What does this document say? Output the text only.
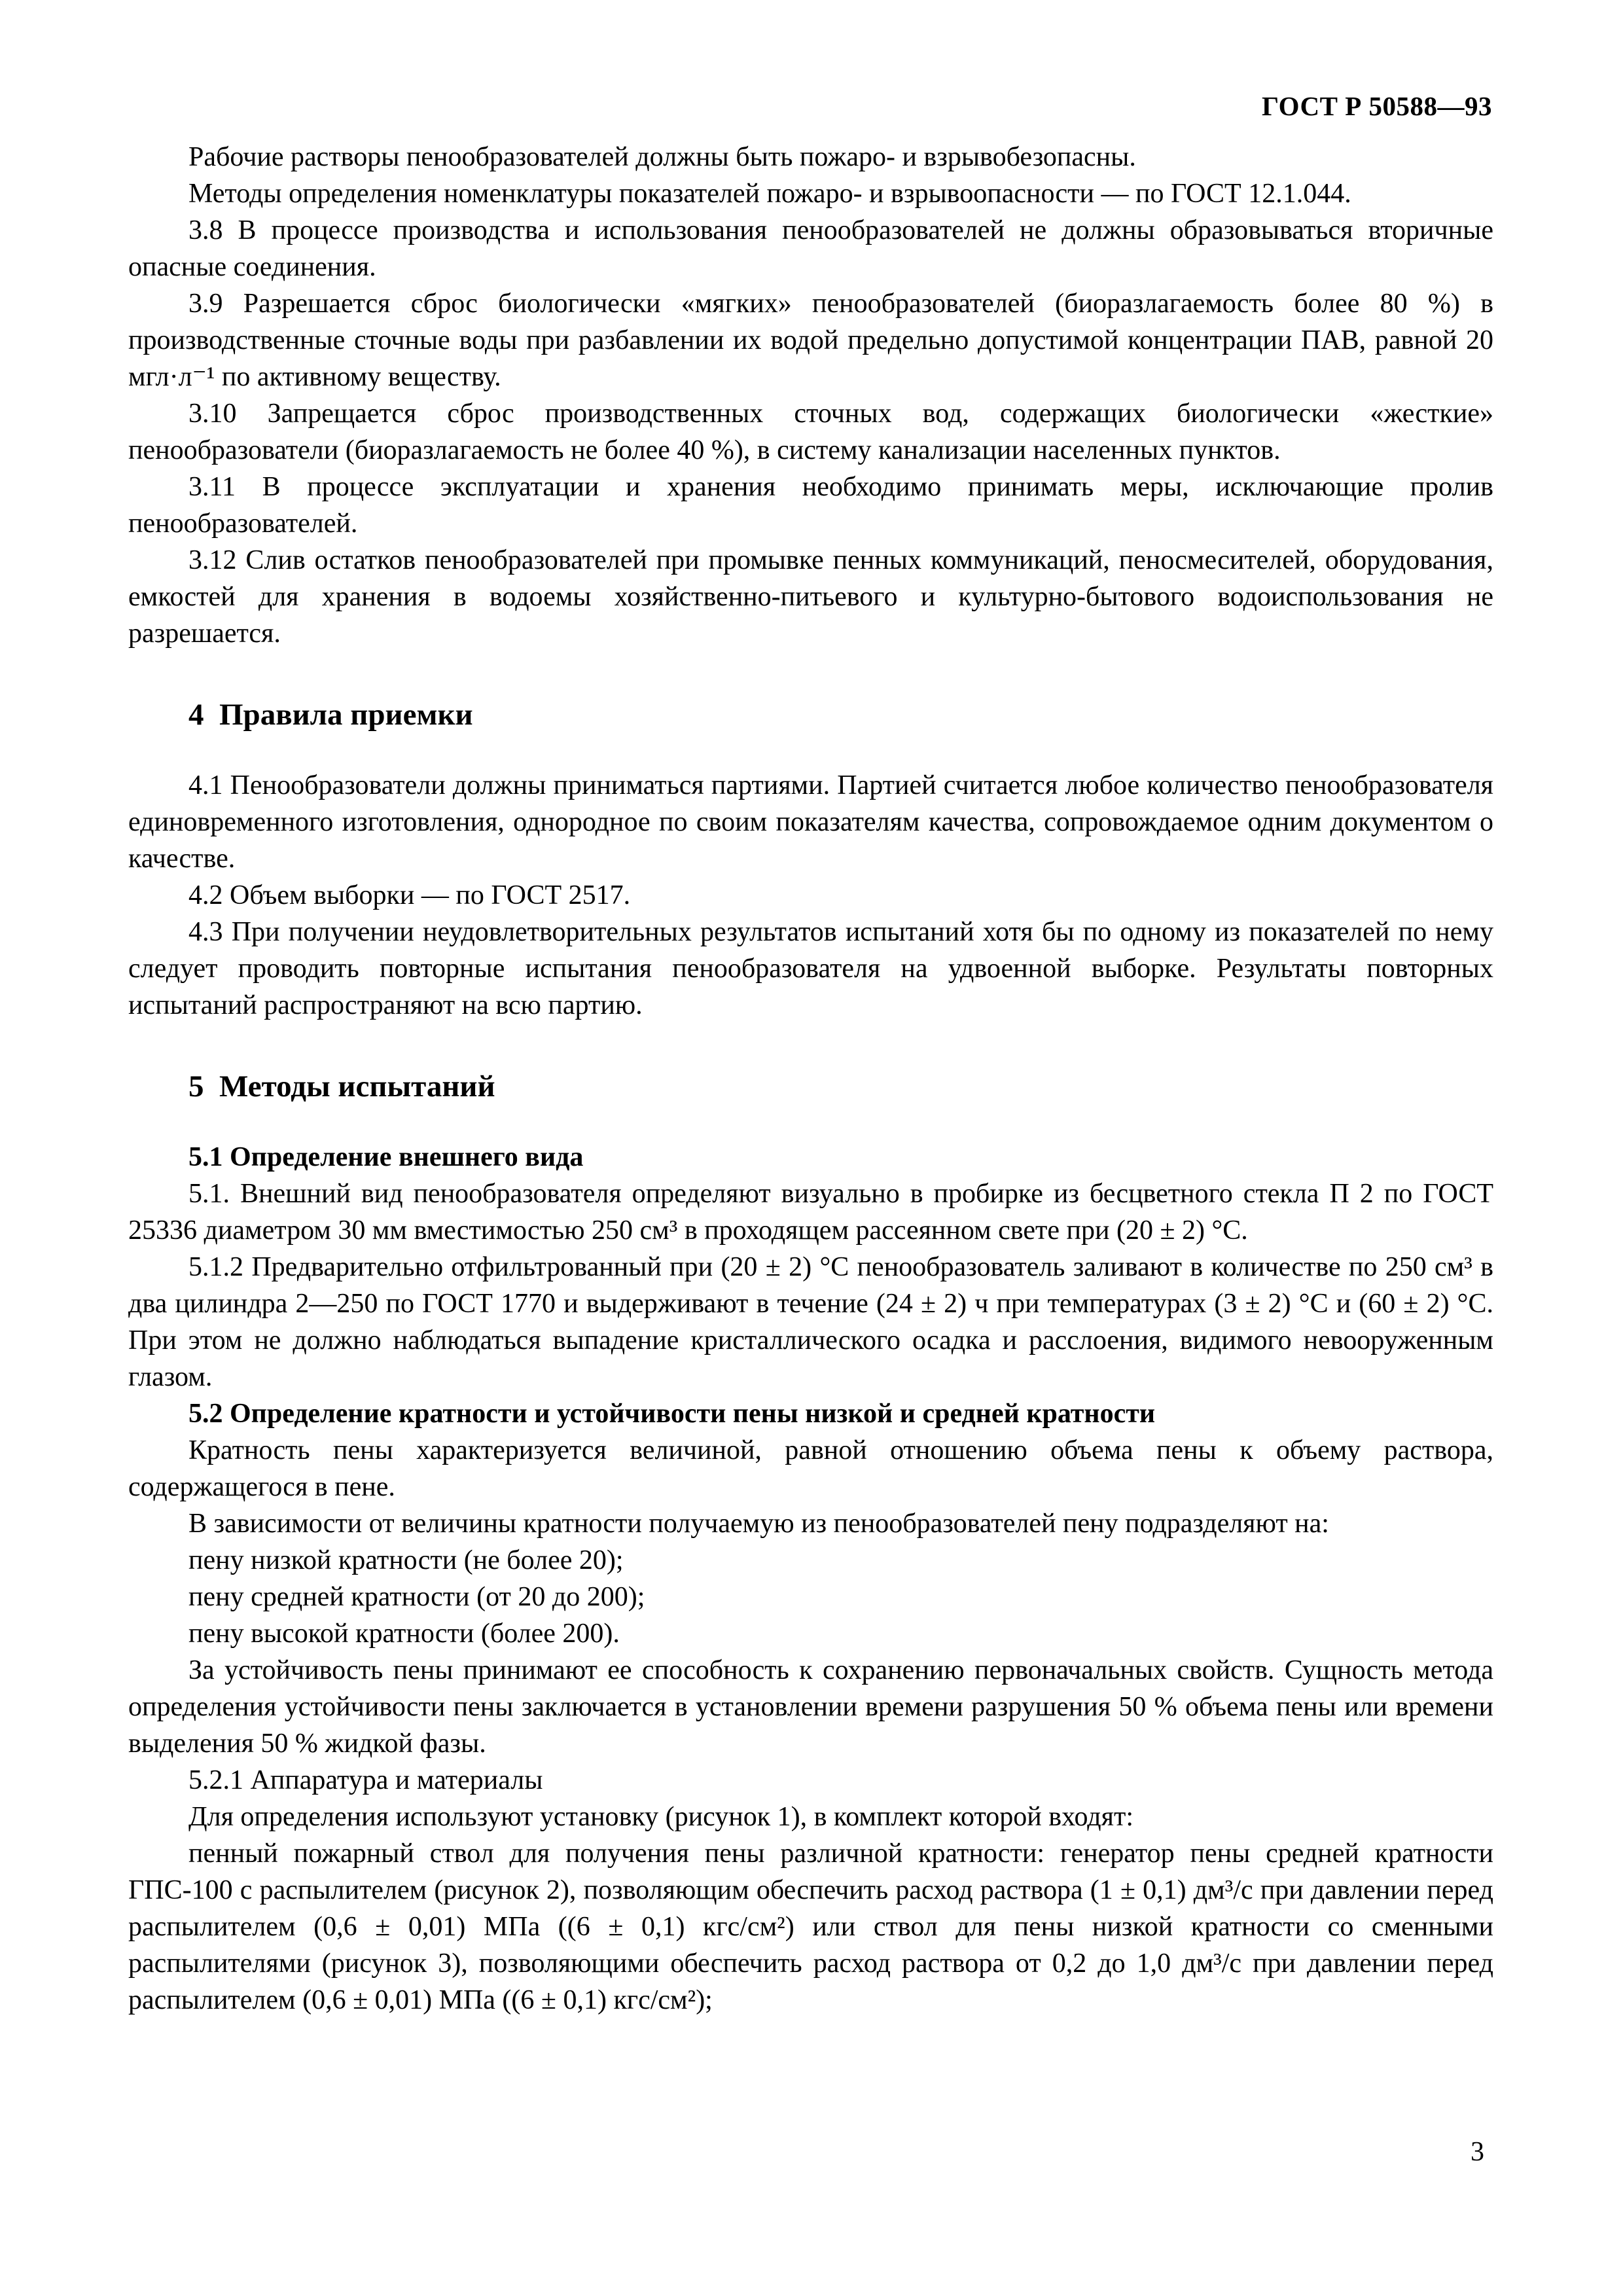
ГОСТ Р 50588—93

Рабочие растворы пенообразователей должны быть пожаро- и взрывобезопасны.

Методы определения номенклатуры показателей пожаро- и взрывоопасности — по ГОСТ 12.1.044.

3.8 В процессе производства и использования пенообразователей не должны образовываться вторичные опасные соединения.

3.9 Разрешается сброс биологически «мягких» пенообразователей (биоразлагаемость более 80 %) в производственные сточные воды при разбавлении их водой предельно допустимой концентрации ПАВ, равной 20 мгл·л⁻¹ по активному веществу.

3.10 Запрещается сброс производственных сточных вод, содержащих биологически «жесткие» пенообразователи (биоразлагаемость не более 40 %), в систему канализации населенных пунктов.

3.11 В процессе эксплуатации и хранения необходимо принимать меры, исключающие пролив пенообразователей.

3.12 Слив остатков пенообразователей при промывке пенных коммуникаций, пеносмесителей, оборудования, емкостей для хранения в водоемы хозяйственно-питьевого и культурно-бытового водоиспользования не разрешается.

4  Правила приемки

4.1 Пенообразователи должны приниматься партиями. Партией считается любое количество пенообразователя единовременного изготовления, однородное по своим показателям качества, сопровождаемое одним документом о качестве.

4.2 Объем выборки — по ГОСТ 2517.

4.3 При получении неудовлетворительных результатов испытаний хотя бы по одному из показателей по нему следует проводить повторные испытания пенообразователя на удвоенной выборке. Результаты повторных испытаний распространяют на всю партию.

5  Методы испытаний

5.1 Определение внешнего вида

5.1. Внешний вид пенообразователя определяют визуально в пробирке из бесцветного стекла П 2 по ГОСТ 25336 диаметром 30 мм вместимостью 250 см³ в проходящем рассеянном свете при (20 ± 2) °С.

5.1.2 Предварительно отфильтрованный при (20 ± 2) °С пенообразователь заливают в количестве по 250 см³ в два цилиндра 2—250 по ГОСТ 1770 и выдерживают в течение (24 ± 2) ч при температурах (3 ± 2) °С и (60 ± 2) °С. При этом не должно наблюдаться выпадение кристаллического осадка и расслоения, видимого невооруженным глазом.

5.2 Определение кратности и устойчивости пены низкой и средней кратности

Кратность пены характеризуется величиной, равной отношению объема пены к объему раствора, содержащегося в пене.

В зависимости от величины кратности получаемую из пенообразователей пену подразделяют на:

пену низкой кратности (не более 20);

пену средней кратности (от 20 до 200);

пену высокой кратности (более 200).

За устойчивость пены принимают ее способность к сохранению первоначальных свойств. Сущность метода определения устойчивости пены заключается в установлении времени разрушения 50 % объема пены или времени выделения 50 % жидкой фазы.

5.2.1 Аппаратура и материалы

Для определения используют установку (рисунок 1), в комплект которой входят:

пенный пожарный ствол для получения пены различной кратности: генератор пены средней кратности ГПС-100 с распылителем (рисунок 2), позволяющим обеспечить расход раствора (1 ± 0,1) дм³/с при давлении перед распылителем (0,6 ± 0,01) МПа ((6 ± 0,1) кгс/см²) или ствол для пены низкой кратности со сменными распылителями (рисунок 3), позволяющими обеспечить расход раствора от 0,2 до 1,0 дм³/с при давлении перед распылителем (0,6 ± 0,01) МПа ((6 ± 0,1) кгс/см²);

3
